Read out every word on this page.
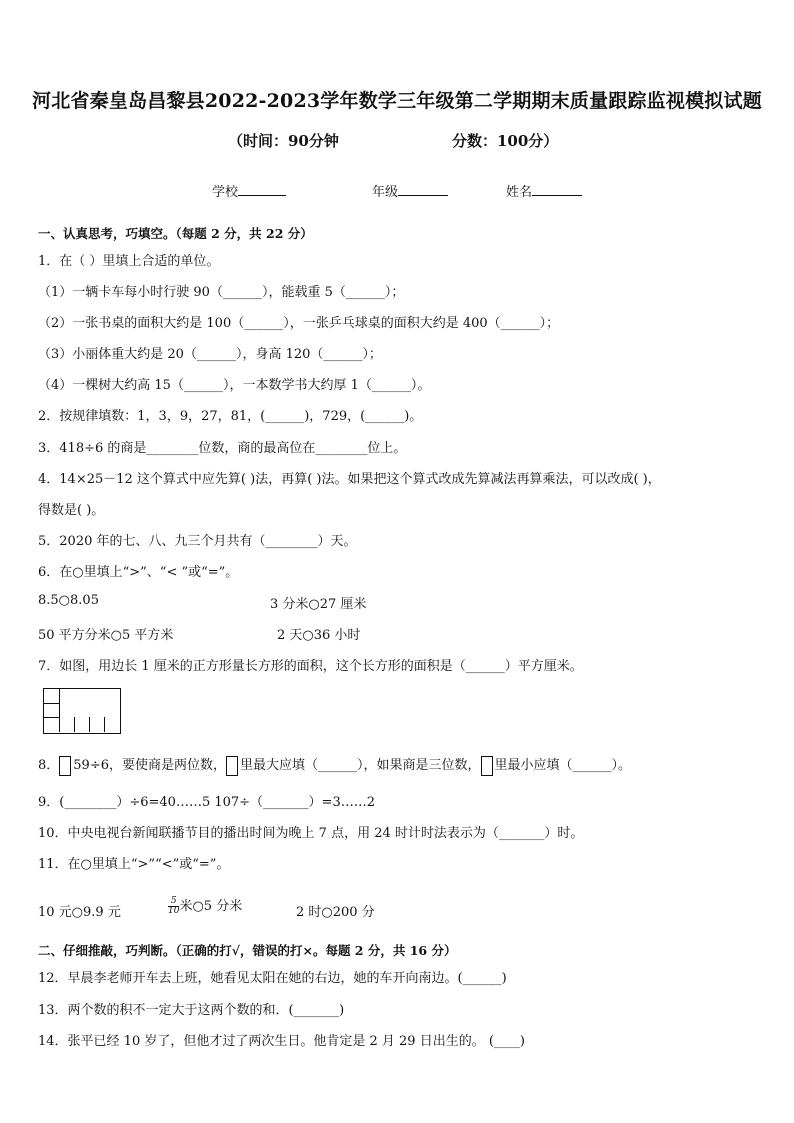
河北省秦皇岛昌黎县2022-2023学年数学三年级第二学期期末质量跟踪监视模拟试题
（时间：90分钟	分数：100分）
学校	年级	姓名
一、认真思考，巧填空。（每题 2 分，共 22 分）
1．在（ ）里填上合适的单位。
（1）一辆卡车每小时行驶 90（______），能载重 5（______）；
（2）一张书桌的面积大约是 100（______），一张乒乓球桌的面积大约是 400（______）；
（3）小丽体重大约是 20（______），身高 120（______）；
（4）一棵树大约高 15（______），一本数学书大约厚 1（______）。
2．按规律填数：1，3，9，27，81，(______)，729，(______)。
3．418÷6 的商是________位数，商的最高位在________位上。
4．14×25－12 这个算式中应先算( )法，再算( )法。如果把这个算式改成先算减法再算乘法，可以改成( )，
得数是( )。
5．2020 年的七、八、九三个月共有（________）天。
6．在○里填上“>”、“< ”或“=”。
8.5○8.05	3 分米○27 厘米
50 平方分米○5 平方米	2 天○36 小时
7．如图，用边长 1 厘米的正方形量长方形的面积，这个长方形的面积是（______）平方厘米。
8． 59÷6，要使商是两位数， 里最大应填（______），如果商是三位数， 里最小应填（______）。
9．(________）÷6=40……5 107÷（_______）=3……2
10．中央电视台新闻联播节目的播出时间为晚上 7 点，用 24 时计时法表示为（_______）时。
11．在○里填上“>”“<”或“=”。
10 元○9.9 元	$\frac{5}{10}$ 米○5 分米	2 时○200 分
二、仔细推敲，巧判断。（正确的打√，错误的打×。每题 2 分，共 16 分）
12．早晨李老师开车去上班，她看见太阳在她的右边，她的车开向南边。(______)
13．两个数的积不一定大于这两个数的和．(_______)
14．张平已经 10 岁了，但他才过了两次生日。他肯定是 2 月 29 日出生的。 (____)
